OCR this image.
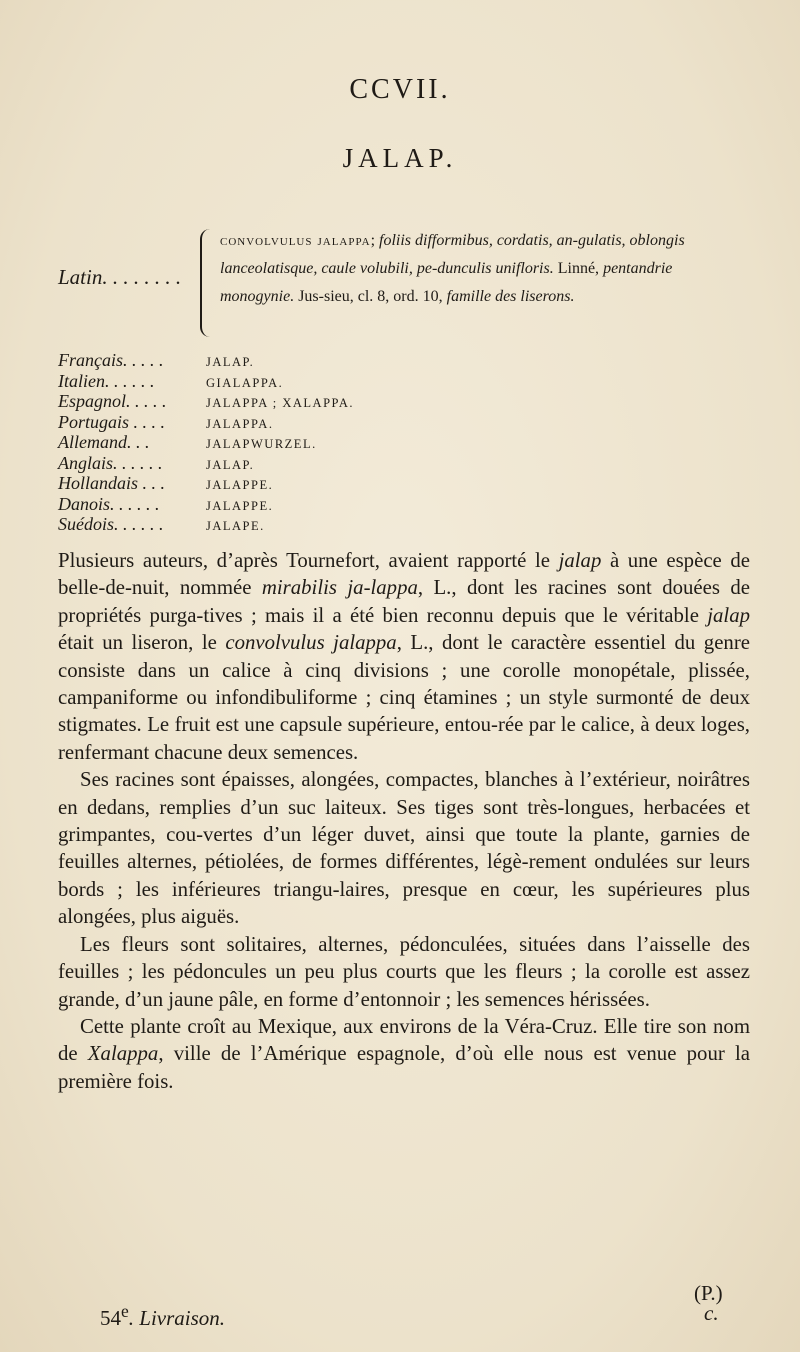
CCVII.
JALAP.
Latin. . . . . . . .
convolvulus jalappa; foliis difformibus, cordatis, an-gulatis, oblongis lanceolatisque, caule volubili, pe-dunculis unifloris. Linné, pentandrie monogynie. Jus-sieu, cl. 8, ord. 10, famille des liserons.
Français. . . . .	JALAP.
Italien. . . . . .	GIALAPPA.
Espagnol. . . . .	JALAPPA ; XALAPPA.
Portugais . . . .	JALAPPA.
Allemand. . .	JALAPWURZEL.
Anglais. . . . . .	JALAP.
Hollandais . . .	JALAPPE.
Danois. . . . . .	JALAPPE.
Suédois. . . . . .	JALAPE.

Plusieurs auteurs, d’après Tournefort, avaient rapporté le jalap à une espèce de belle-de-nuit, nommée mirabilis ja-lappa, L., dont les racines sont douées de propriétés purga-tives ; mais il a été bien reconnu depuis que le véritable jalap était un liseron, le convolvulus jalappa, L., dont le caractère essentiel du genre consiste dans un calice à cinq divisions ; une corolle monopétale, plissée, campaniforme ou infondibuliforme ; cinq étamines ; un style surmonté de deux stigmates. Le fruit est une capsule supérieure, entou-rée par le calice, à deux loges, renfermant chacune deux semences.

Ses racines sont épaisses, alongées, compactes, blanches à l’extérieur, noirâtres en dedans, remplies d’un suc laiteux. Ses tiges sont très-longues, herbacées et grimpantes, cou-vertes d’un léger duvet, ainsi que toute la plante, garnies de feuilles alternes, pétiolées, de formes différentes, légè-rement ondulées sur leurs bords ; les inférieures triangu-laires, presque en cœur, les supérieures plus alongées, plus aiguës.

Les fleurs sont solitaires, alternes, pédonculées, situées dans l’aisselle des feuilles ; les pédoncules un peu plus courts que les fleurs ; la corolle est assez grande, d’un jaune pâle, en forme d’entonnoir ; les semences hérissées.

Cette plante croît au Mexique, aux environs de la Véra-Cruz. Elle tire son nom de Xalappa, ville de l’Amérique espagnole, d’où elle nous est venue pour la première fois.

(P.)
54e. Livraison.	c.
